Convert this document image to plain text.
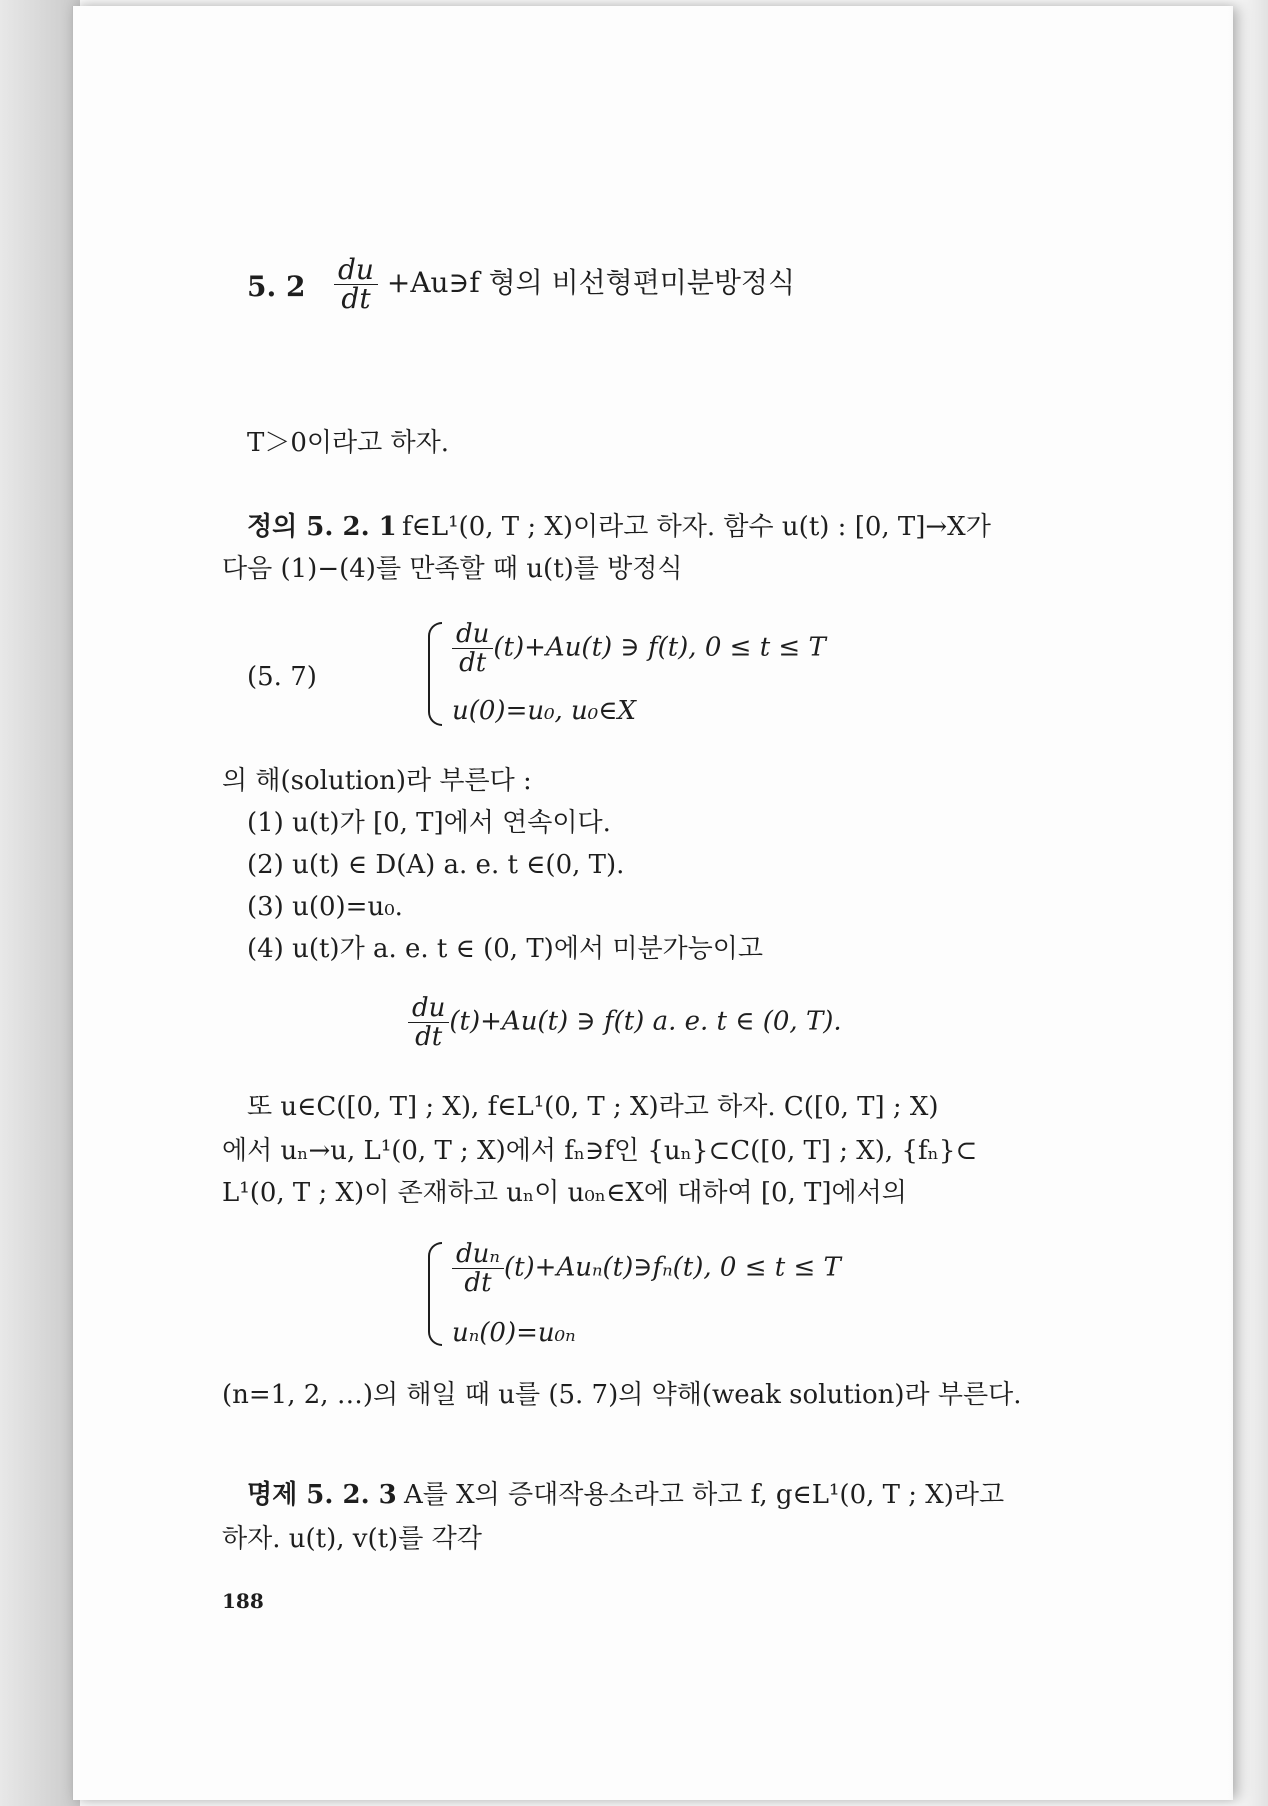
5. $2 \frac{du}{dt}$ +Au∋f 형의 비선형편미분방정식
T＞0이라고 하자.
정의 5. 2. 1 f∈L¹(0, T ; X)이라고 하자. 함수 u(t) : [0, T]→X가
다음 (1)−(4)를 만족할 때 u(t)를 방정식
(5. 7)	$\frac{du}{dt} (t)+Au(t)$ ∋ f(t), 0 ≤ t ≤ T
u(0)=u₀, u₀∈X
의 해(solution)라 부른다 :
(1) u(t)가 [0, T]에서 연속이다.
(2) u(t) ∈ D(A) a. e. t ∈(0, T).
(3) u(0)=u₀.
(4) u(t)가 a. e. t ∈ (0, T)에서 미분가능이고
$\frac{du}{dt} (t)+Au(t)$ ∋ f(t) a. e. t ∈ (0, T).
또 u∈C([0, T] ; X), f∈L¹(0, T ; X)라고 하자. C([0, T] ; X)
에서 uₙ→u, L¹(0, T ; X)에서 fₙ∋f인 {uₙ}⊂C([0, T] ; X), {fₙ}⊂
L¹(0, T ; X)이 존재하고 uₙ이 u₀ₙ∈X에 대하여 [0, T]에서의
$\frac{\text{duₙ}}{dt}$ (t)+Auₙ(t)∋fₙ(t), 0 ≤ t ≤ T
uₙ(0)=u₀ₙ
(n=1, 2, …)의 해일 때 u를 (5. 7)의 약해(weak solution)라 부른다.
명제 5. 2. 3 A를 X의 증대작용소라고 하고 f, g∈L¹(0, T ; X)라고
하자. u(t), v(t)를 각각
188
